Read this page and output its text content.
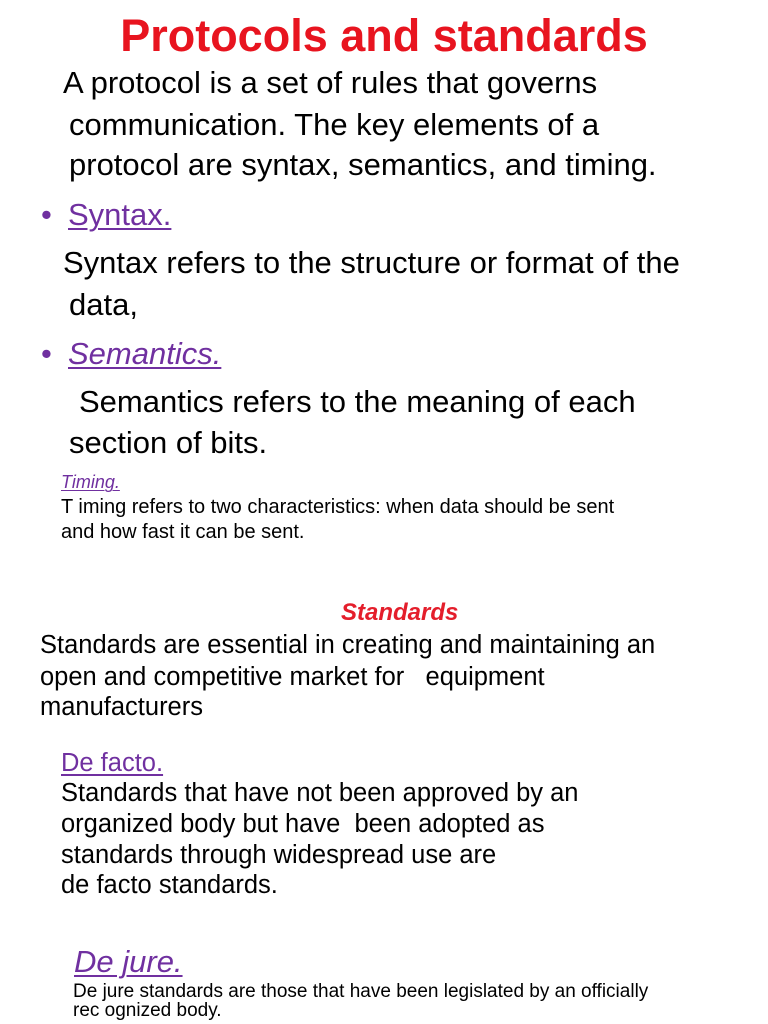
Protocols and standards
A protocol is a set of rules that governs
communication. The key elements of a
protocol are syntax, semantics, and timing.
• Syntax.
Syntax refers to the structure or format of the
data,
• Semantics.
Semantics refers to the meaning of each
section of bits.
Timing.
T iming refers to two characteristics: when data should be sent
and how fast it can be sent.
Standards
Standards are essential in creating and maintaining an
open and competitive market for   equipment
manufacturers
De facto.
Standards that have not been approved by an
organized body but have  been adopted as
standards through widespread use are
de facto standards.
De jure.
De jure standards are those that have been legislated by an officially
rec ognized body.
